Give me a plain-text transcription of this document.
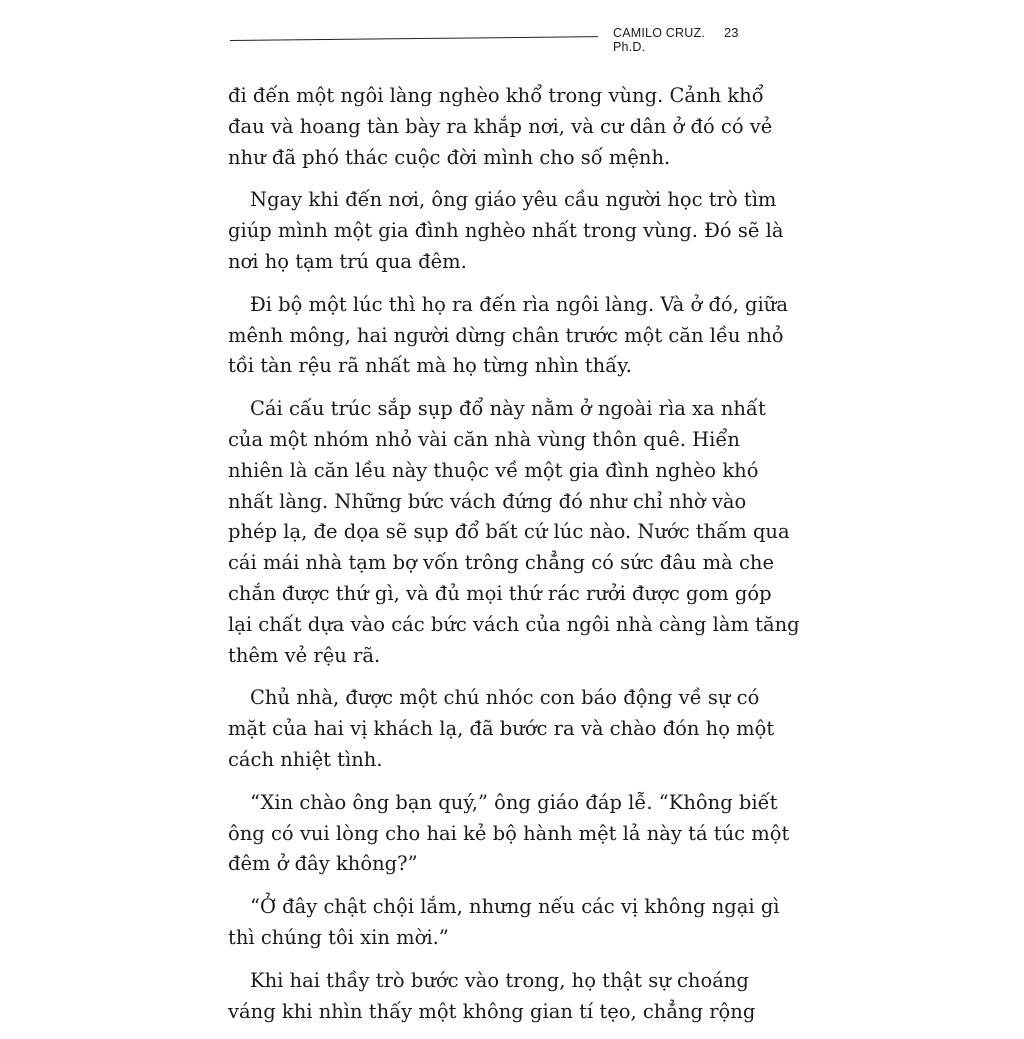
CAMILO CRUZ. Ph.D.
23

đi đến một ngôi làng nghèo khổ trong vùng. Cảnh khổ
đau và hoang tàn bày ra khắp nơi, và cư dân ở đó có vẻ
như đã phó thác cuộc đời mình cho số mệnh.

Ngay khi đến nơi, ông giáo yêu cầu người học trò tìm
giúp mình một gia đình nghèo nhất trong vùng. Đó sẽ là
nơi họ tạm trú qua đêm.

Đi bộ một lúc thì họ ra đến rìa ngôi làng. Và ở đó, giữa
mênh mông, hai người dừng chân trước một căn lều nhỏ
tồi tàn rệu rã nhất mà họ từng nhìn thấy.

Cái cấu trúc sắp sụp đổ này nằm ở ngoài rìa xa nhất
của một nhóm nhỏ vài căn nhà vùng thôn quê. Hiển
nhiên là căn lều này thuộc về một gia đình nghèo khó
nhất làng. Những bức vách đứng đó như chỉ nhờ vào
phép lạ, đe dọa sẽ sụp đổ bất cứ lúc nào. Nước thấm qua
cái mái nhà tạm bợ vốn trông chẳng có sức đâu mà che
chắn được thứ gì, và đủ mọi thứ rác rưởi được gom góp
lại chất dựa vào các bức vách của ngôi nhà càng làm tăng
thêm vẻ rệu rã.

Chủ nhà, được một chú nhóc con báo động về sự có
mặt của hai vị khách lạ, đã bước ra và chào đón họ một
cách nhiệt tình.

“Xin chào ông bạn quý,” ông giáo đáp lễ. “Không biết
ông có vui lòng cho hai kẻ bộ hành mệt lả này tá túc một
đêm ở đây không?”

“Ở đây chật chội lắm, nhưng nếu các vị không ngại gì
thì chúng tôi xin mời.”

Khi hai thầy trò bước vào trong, họ thật sự choáng
váng khi nhìn thấy một không gian tí tẹo, chẳng rộng
